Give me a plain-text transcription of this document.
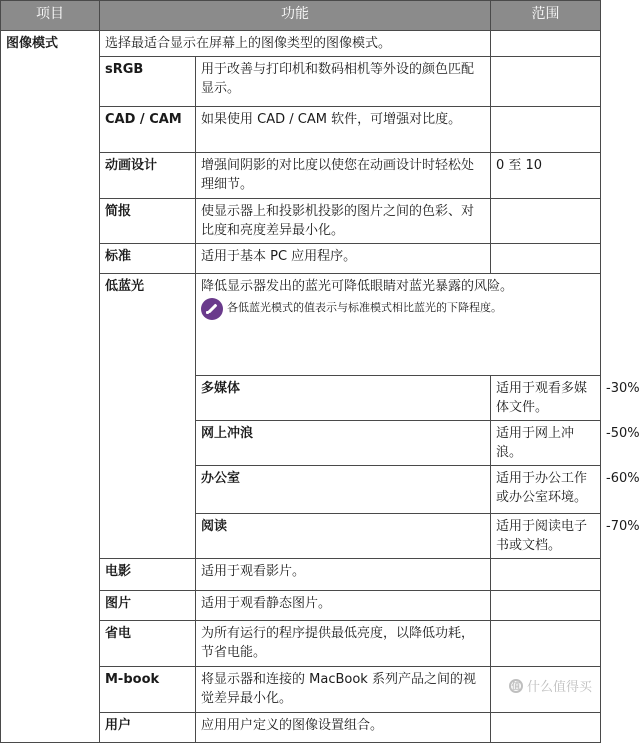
项目	功能		范围	
图像模式	选择最适合显示在屏幕上的图像类型的图像模式。			
	sRGB	用于改善与打印机和数码相机等外设的颜色匹配显示。		
	CAD / CAM	如果使用 CAD / CAM 软件，可增强对比度。		
	动画设计	增强间阴影的对比度以使您在动画设计时轻松处理细节。	0 至 10	
	简报	使显示器上和投影机投影的图片之间的色彩、对比度和亮度差异最小化。		
	标准	适用于基本 PC 应用程序。		
	低蓝光	降低显示器发出的蓝光可降低眼睛对蓝光暴露的风险。
各低蓝光模式的值表示与标准模式相比蓝光的下降程度。		

		多媒体	适用于观看多媒体文件。	-30%
		网上冲浪	适用于网上冲浪。	-50%
		办公室	适用于办公工作或办公室环境。	-60%
		阅读	适用于阅读电子书或文档。	-70%
	电影	适用于观看影片。		
	图片	适用于观看静态图片。		
	省电	为所有运行的程序提供最低亮度，以降低功耗，节省电能。		
	M-book	将显示器和连接的 MacBook 系列产品之间的视觉差异最小化。		
	用户	应用用户定义的图像设置组合。		
值 什么值得买
